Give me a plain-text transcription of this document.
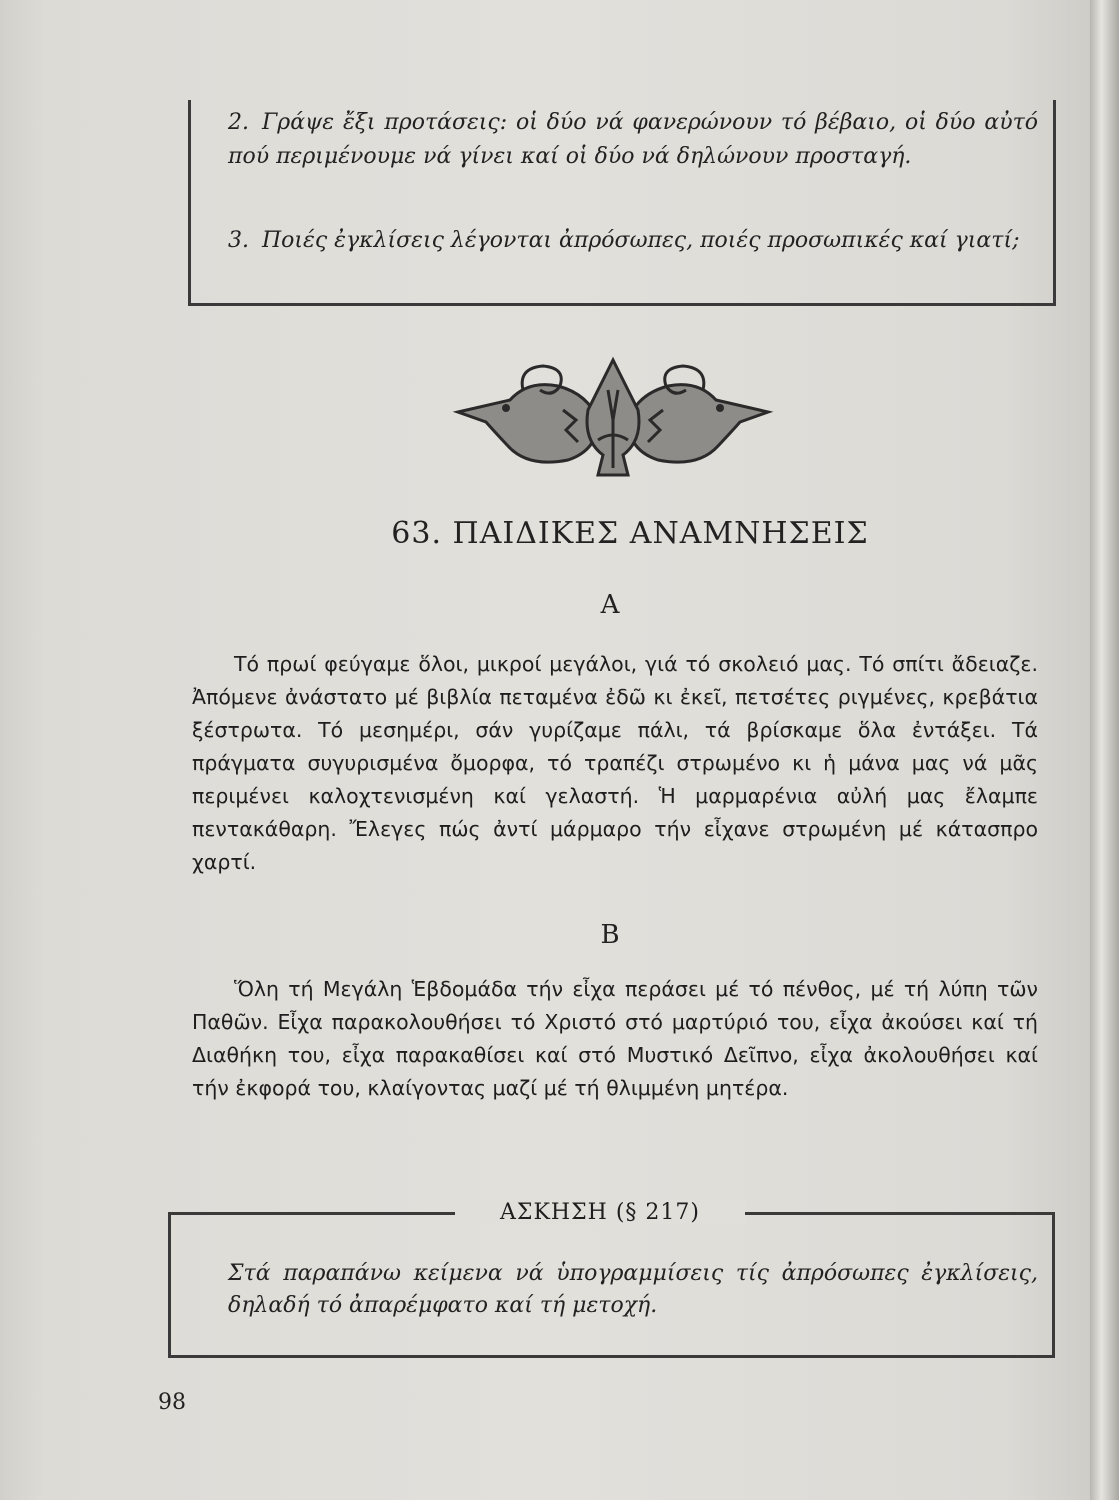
2. Γράψε ἔξι προτάσεις: οἱ δύο νά φανερώνουν τό βέβαιο, οἱ δύο αὐτό πού περιμένουμε νά γίνει καί οἱ δύο νά δηλώνουν προσταγή.
3. Ποιές ἐγκλίσεις λέγονται ἀπρόσωπες, ποιές προσωπικές καί γιατί;
63. ΠΑΙΔΙΚΕΣ ΑΝΑΜΝΗΣΕΙΣ
Α
Τό πρωί φεύγαμε ὅλοι, μικροί μεγάλοι, γιά τό σκολειό μας. Τό σπίτι ἄδειαζε. Ἀπόμενε ἀνάστατο μέ βιβλία πεταμένα ἐδῶ κι ἐκεῖ, πετσέτες ριγμένες, κρεβάτια ξέστρωτα. Τό μεσημέρι, σάν γυρίζαμε πάλι, τά βρίσκαμε ὅλα ἐντάξει. Τά πράγματα συγυρισμένα ὄμορφα, τό τραπέζι στρωμένο κι ἡ μάνα μας νά μᾶς περιμένει καλοχτενισμένη καί γελαστή. Ἡ μαρμαρένια αὐλή μας ἔλαμπε πεντακάθαρη. Ἔλεγες πώς ἀντί μάρμαρο τήν εἶχανε στρωμένη μέ κάτασπρο χαρτί.
Β
Ὅλη τή Μεγάλη Ἑβδομάδα τήν εἶχα περάσει μέ τό πένθος, μέ τή λύπη τῶν Παθῶν. Εἶχα παρακολουθήσει τό Χριστό στό μαρτύριό του, εἶχα ἀκούσει καί τή Διαθήκη του, εἶχα παρακαθίσει καί στό Μυστικό Δεῖπνο, εἶχα ἀκολουθήσει καί τήν ἐκφορά του, κλαίγοντας μαζί μέ τή θλιμμένη μητέρα.
ΑΣΚΗΣΗ (§ 217)
Στά παραπάνω κείμενα νά ὑπογραμμίσεις τίς ἀπρόσωπες ἐγκλίσεις, δηλαδή τό ἀπαρέμφατο καί τή μετοχή.
98
